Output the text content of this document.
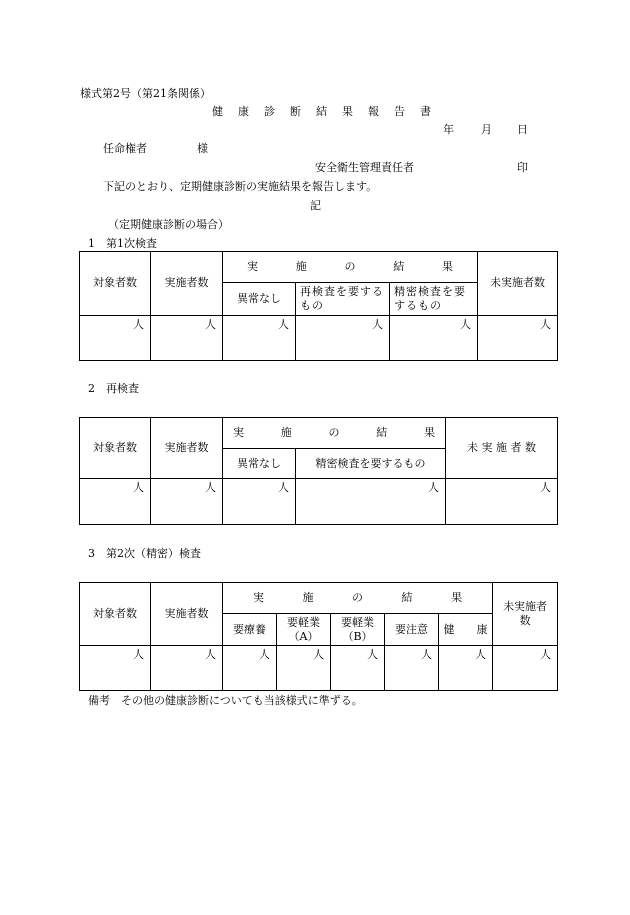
様式第2号（第21条関係）
健　康　診　断　結　果　報　告　書
年 月 日
任命権者	様
安全衛生管理責任者	印
下記のとおり、定期健康診断の実施結果を報告します。
記
（定期健康診断の場合）
1　第1次検査
対象者数	実施者数	実 施 の 結 果			未実施者数
		異常なし	再検査を要するもの	精密検査を要するもの	
人	人	人	人	人	人
2　再検査
対象者数	実施者数	実 施 の 結 果		未 実 施 者 数
		異常なし	精密検査を要するもの	
人	人	人	人	人
3　第2次（精密）検査
対象者数	実施者数	実 施 の 結 果					未実施者数
		要療養	要軽業（A）	要軽業（B）	要注意	健　　康	
人	人	人	人	人	人	人	人
備考　その他の健康診断についても当該様式に準ずる。
